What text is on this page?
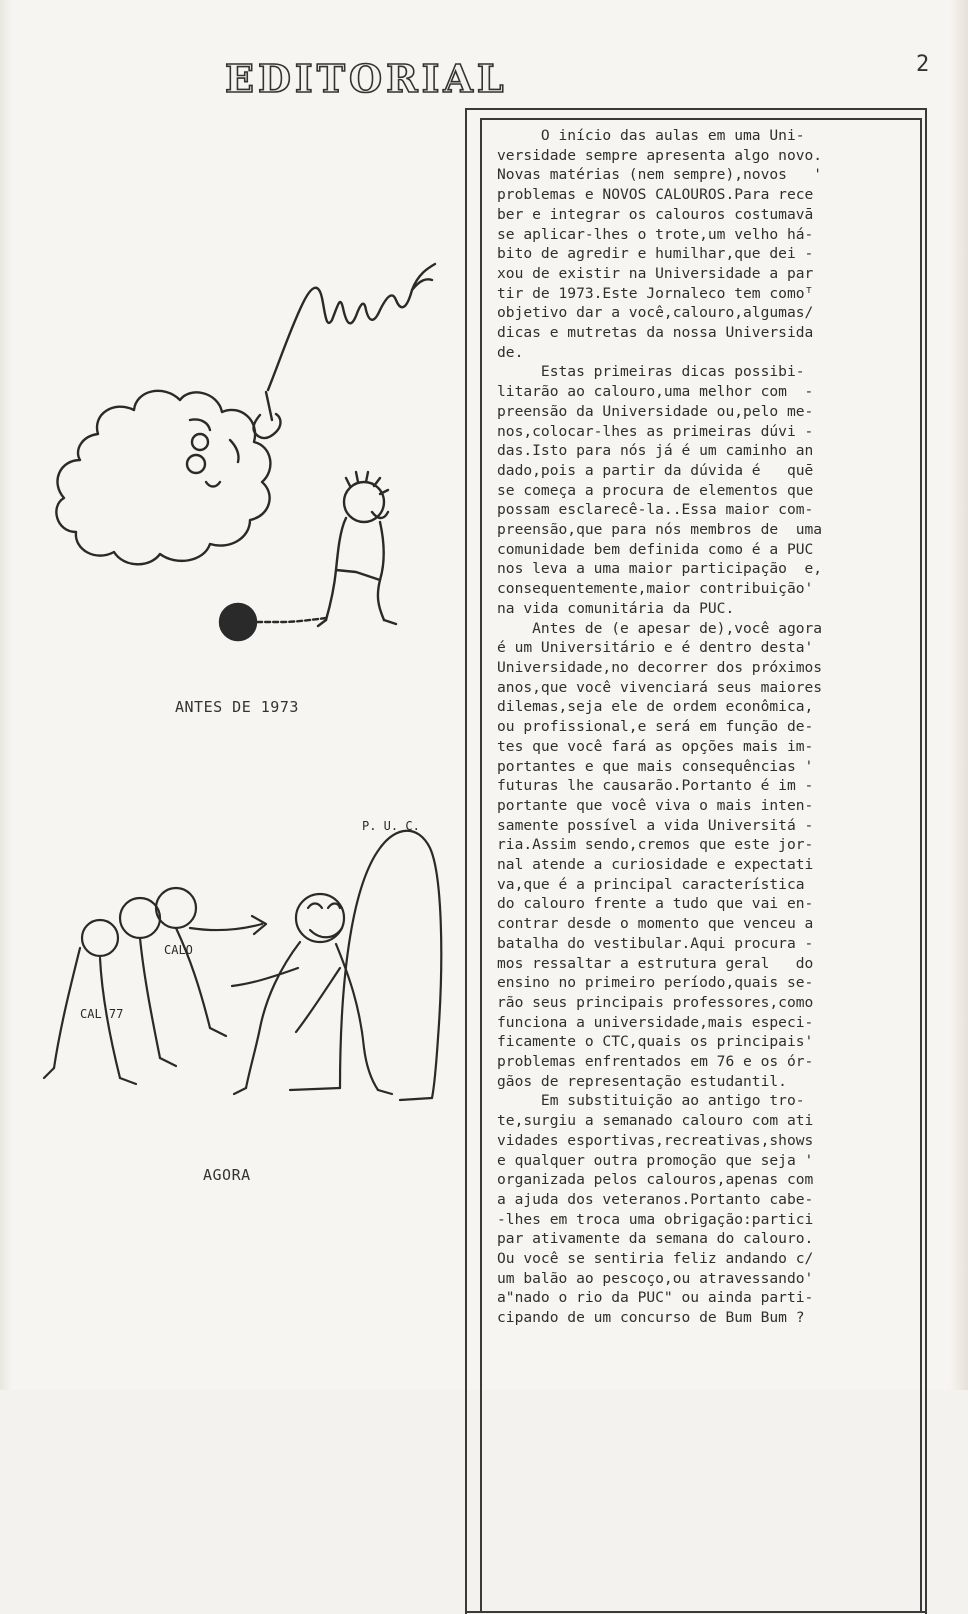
EDITORIAL	2
O início das aulas em uma Uni-
versidade sempre apresenta algo novo.
Novas matérias (nem sempre),novos   '
problemas e NOVOS CALOUROS.Para rece
ber e integrar os calouros costumavā
se aplicar-lhes o trote,um velho há-
bito de agredir e humilhar,que dei -
xou de existir na Universidade a par
tir de 1973.Este Jornaleco tem comoᵀ
objetivo dar a você,calouro,algumas/
dicas e mutretas da nossa Universida
de.
Estas primeiras dicas possibi-
litarão ao calouro,uma melhor com  -
preensão da Universidade ou,pelo me-
nos,colocar-lhes as primeiras dúvi -
das.Isto para nós já é um caminho an
dado,pois a partir da dúvida é   quē
se começa a procura de elementos que
possam esclarecê-la..Essa maior com-
preensão,que para nós membros de  uma
comunidade bem definida como é a PUC
nos leva a uma maior participação  e,
consequentemente,maior contribuição'
na vida comunitária da PUC.
Antes de (e apesar de),você agora
é um Universitário e é dentro desta'
Universidade,no decorrer dos próximos
anos,que você vivenciará seus maiores
dilemas,seja ele de ordem econômica,
ou profissional,e será em função de-
tes que você fará as opções mais im-
portantes e que mais consequências '
futuras lhe causarão.Portanto é im -
portante que você viva o mais inten-
samente possível a vida Universitá -
ria.Assim sendo,cremos que este jor-
nal atende a curiosidade e expectati
va,que é a principal característica
do calouro frente a tudo que vai en-
contrar desde o momento que venceu a
batalha do vestibular.Aqui procura -
mos ressaltar a estrutura geral   do
ensino no primeiro período,quais se-
rão seus principais professores,como
funciona a universidade,mais especi-
ficamente o CTC,quais os principais'
problemas enfrentados em 76 e os ór-
gãos de representação estudantil.
Em substituição ao antigo tro-
te,surgiu a semanado calouro com ati
vidades esportivas,recreativas,shows
e qualquer outra promoção que seja '
organizada pelos calouros,apenas com
a ajuda dos veteranos.Portanto cabe-
-lhes em troca uma obrigação:partici
par ativamente da semana do calouro.
Ou você se sentiria feliz andando c/
um balão ao pescoço,ou atravessando'
a"nado o rio da PUC" ou ainda parti-
cipando de um concurso de Bum Bum ?
ANTES DE 1973
P. U. C.
CAL 77
CALO
AGORA
